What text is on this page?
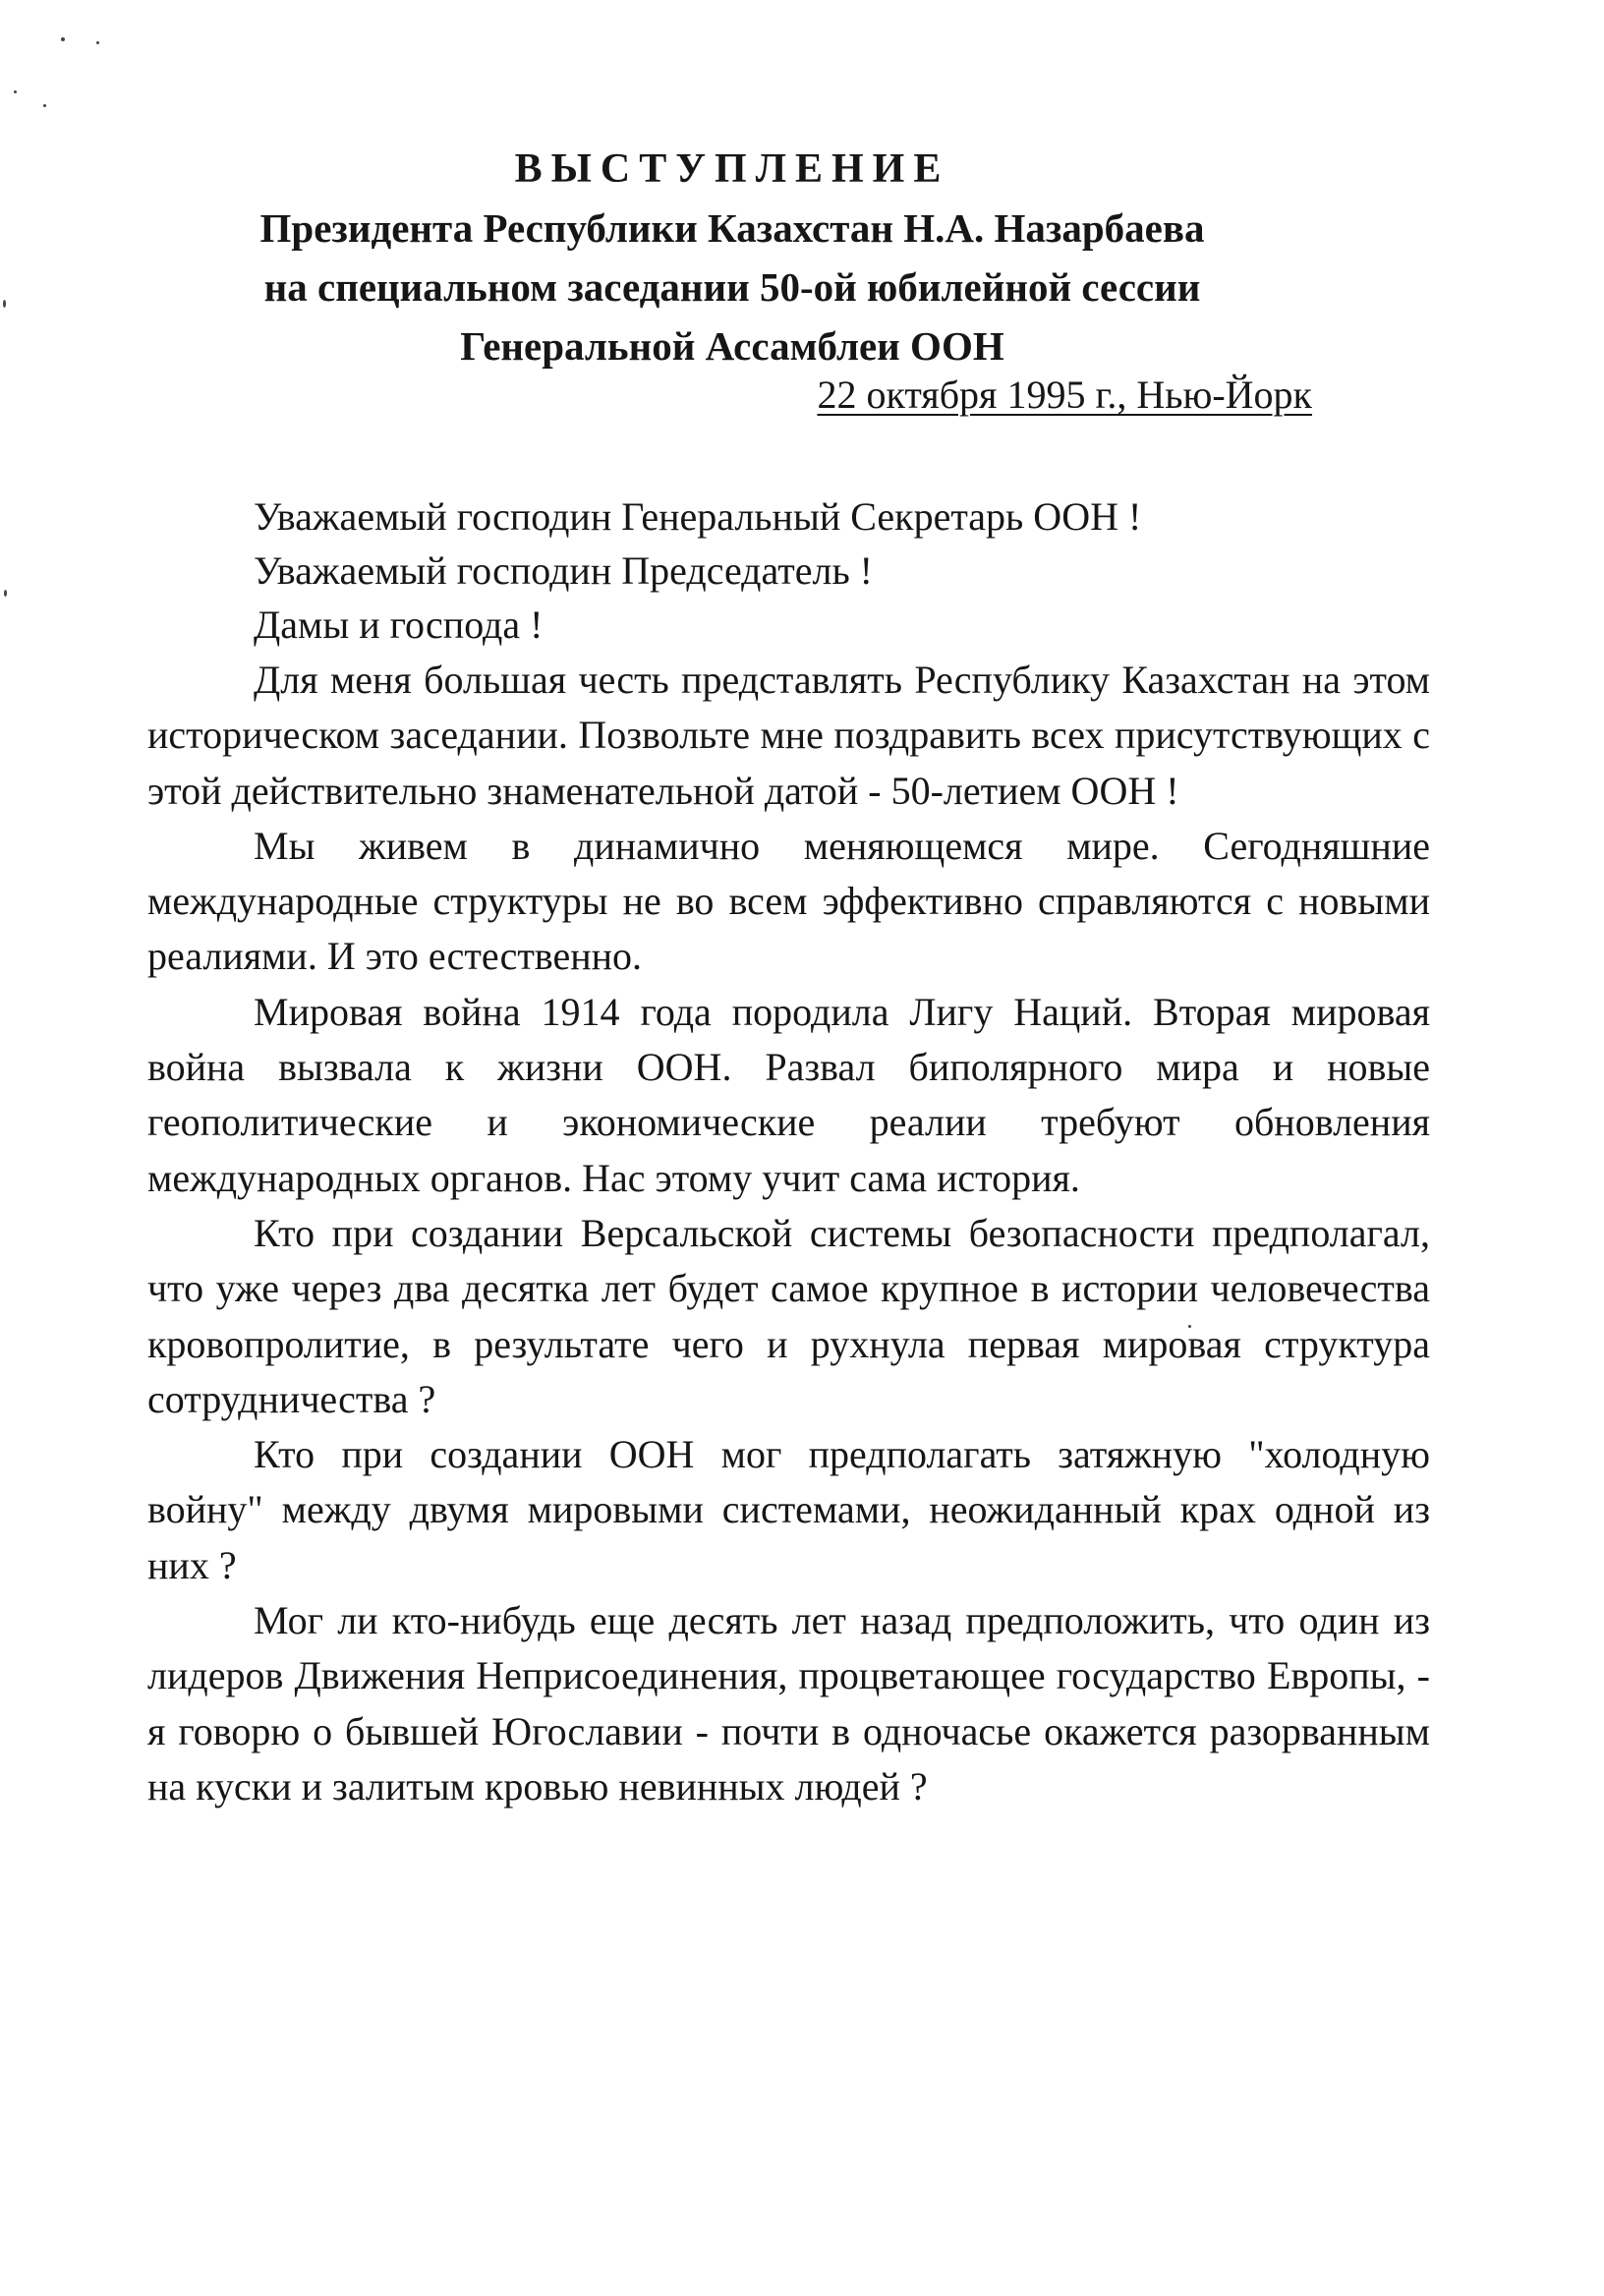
ВЫСТУПЛЕНИЕ
Президента Республики Казахстан Н.А. Назарбаева
на специальном заседании 50-ой юбилейной сессии
Генеральной Ассамблеи ООН
22 октября 1995 г., Нью-Йорк
Уважаемый господин Генеральный Секретарь ООН !
Уважаемый господин Председатель !
Дамы и господа !

Для меня большая честь представлять Республику Казахстан на этом историческом заседании. Позвольте мне поздравить всех присутствующих с этой действительно знаменательной датой - 50-летием ООН !

Мы живем в динамично меняющемся мире. Сегодняшние международные структуры не во всем эффективно справляются с новыми реалиями. И это естественно.

Мировая война 1914 года породила Лигу Наций. Вторая мировая война вызвала к жизни ООН. Развал биполярного мира и новые геополитические и экономические реалии требуют обновления международных органов. Нас этому учит сама история.

Кто при создании Версальской системы безопасности предполагал, что уже через два десятка лет будет самое крупное в истории человечества кровопролитие, в результате чего и рухнула первая мировая структура сотрудничества ?

Кто при создании ООН мог предполагать затяжную "холодную войну" между двумя мировыми системами, неожиданный крах одной из них ?

Мог ли кто-нибудь еще десять лет назад предположить, что один из лидеров Движения Неприсоединения, процветающее государство Европы, - я говорю о бывшей Югославии - почти в одночасье окажется разорванным на куски и залитым кровью невинных людей ?
